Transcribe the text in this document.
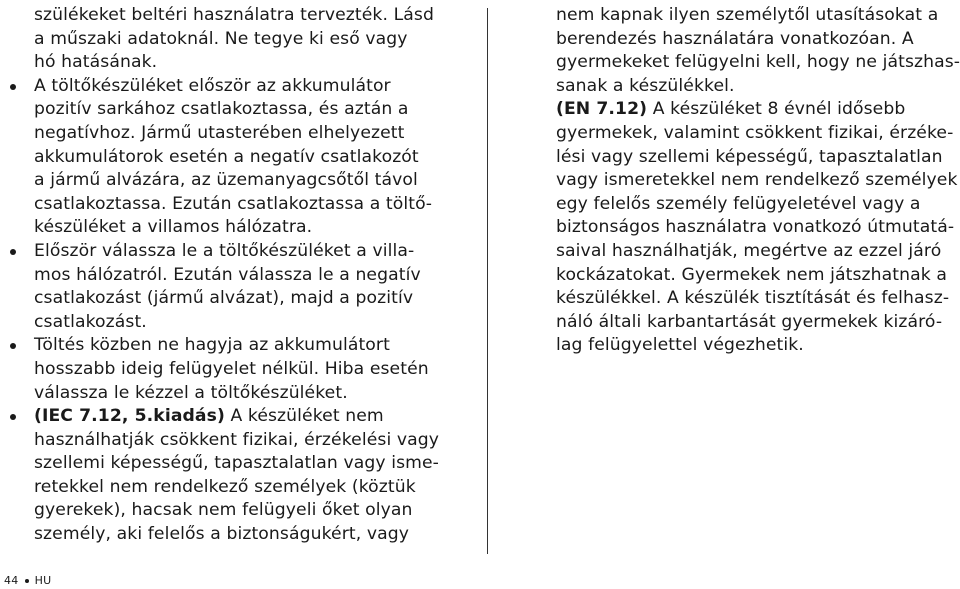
szülékeket beltéri használatra tervezték. Lásd
a műszaki adatoknál. Ne tegye ki eső vagy
hó hatásának.
A töltőkészüléket először az akkumulátor
pozitív sarkához csatlakoztassa, és aztán a
negatívhoz. Jármű utasterében elhelyezett
akkumulátorok esetén a negatív csatlakozót
a jármű alvázára, az üzemanyagcsőtől távol
csatlakoztassa. Ezután csatlakoztassa a töltő-
készüléket a villamos hálózatra.
Először válassza le a töltőkészüléket a villa-
mos hálózatról. Ezután válassza le a negatív
csatlakozást (jármű alvázat), majd a pozitív
csatlakozást.
Töltés közben ne hagyja az akkumulátort
hosszabb ideig felügyelet nélkül. Hiba esetén
válassza le kézzel a töltőkészüléket.
(IEC 7.12, 5.kiadás) A készüléket nem
használhatják csökkent fizikai, érzékelési vagy
szellemi képességű, tapasztalatlan vagy isme-
retekkel nem rendelkező személyek (köztük
gyerekek), hacsak nem felügyeli őket olyan
személy, aki felelős a biztonságukért, vagy
nem kapnak ilyen személytől utasításokat a
berendezés használatára vonatkozóan. A
gyermekeket felügyelni kell, hogy ne játszhas-
sanak a készülékkel.
(EN 7.12) A készüléket 8 évnél idősebb
gyermekek, valamint csökkent fizikai, érzéke-
lési vagy szellemi képességű, tapasztalatlan
vagy ismeretekkel nem rendelkező személyek
egy felelős személy felügyeletével vagy a
biztonságos használatra vonatkozó útmutatá-
saival használhatják, megértve az ezzel járó
kockázatokat. Gyermekek nem játszhatnak a
készülékkel. A készülék tisztítását és felhasz-
náló általi karbantartását gyermekek kizáró-
lag felügyelettel végezhetik.
44 HU
